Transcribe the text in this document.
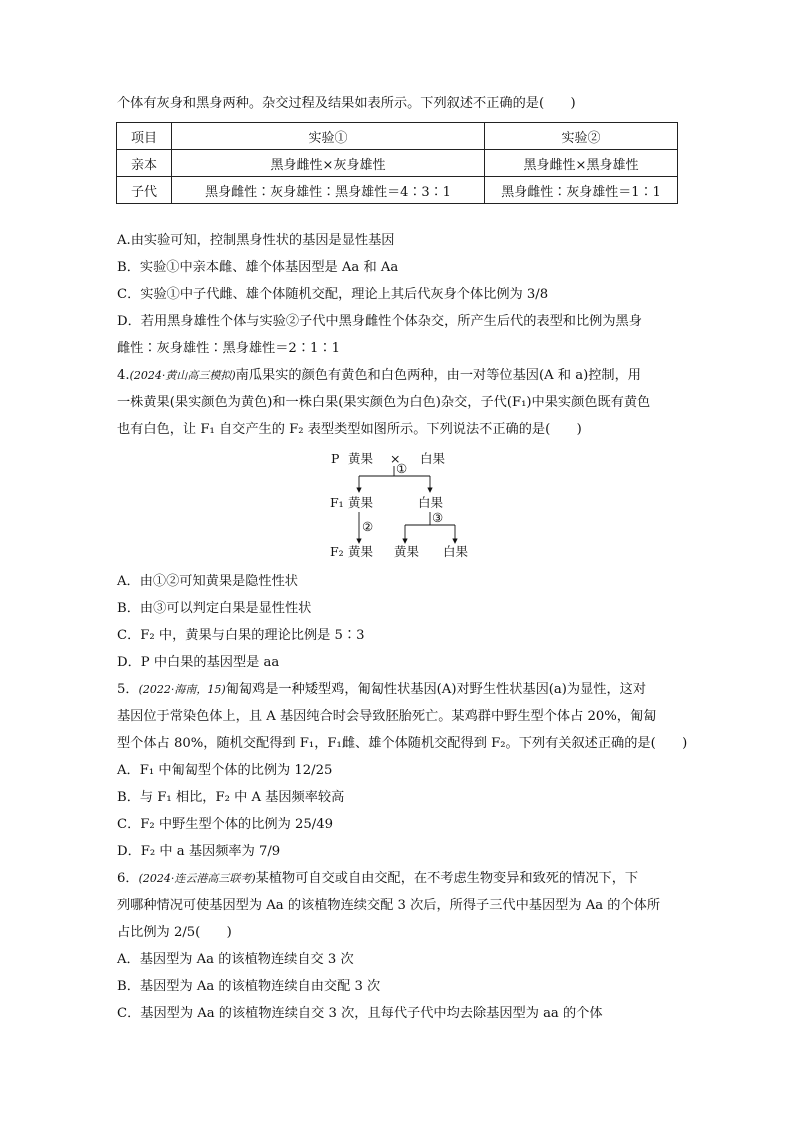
个体有灰身和黑身两种。杂交过程及结果如表所示。下列叙述不正确的是(　　)
项目	实验①	实验②
亲本	黑身雌性×灰身雄性	黑身雌性×黑身雄性
子代	黑身雌性∶灰身雄性∶黑身雄性＝4∶3∶1	黑身雌性∶灰身雄性＝1∶1
A.由实验可知，控制黑身性状的基因是显性基因
B．实验①中亲本雌、雄个体基因型是 Aa 和 Aa
C．实验①中子代雌、雄个体随机交配，理论上其后代灰身个体比例为 3/8
D．若用黑身雄性个体与实验②子代中黑身雌性个体杂交，所产生后代的表型和比例为黑身
雌性∶灰身雄性∶黑身雄性＝2∶1∶1
4.(2024·黄山高三模拟)南瓜果实的颜色有黄色和白色两种，由一对等位基因(A 和 a)控制，用
一株黄果(果实颜色为黄色)和一株白果(果实颜色为白色)杂交，子代(F₁)中果实颜色既有黄色
也有白色，让 F₁ 自交产生的 F₂ 表型类型如图所示。下列说法不正确的是(　　)
P 黄果 × 白果
①
F₁ 黄果	白果
②
③
F₂ 黄果 黄果 白果
A．由①②可知黄果是隐性性状
B．由③可以判定白果是显性性状
C．F₂ 中，黄果与白果的理论比例是 5∶3
D．P 中白果的基因型是 aa
5．(2022·海南，15)匍匐鸡是一种矮型鸡，匍匐性状基因(A)对野生性状基因(a)为显性，这对
基因位于常染色体上，且 A 基因纯合时会导致胚胎死亡。某鸡群中野生型个体占 20%，匍匐
型个体占 80%，随机交配得到 F₁，F₁雌、雄个体随机交配得到 F₂。下列有关叙述正确的是(　　)
A．F₁ 中匍匐型个体的比例为 12/25
B．与 F₁ 相比，F₂ 中 A 基因频率较高
C．F₂ 中野生型个体的比例为 25/49
D．F₂ 中 a 基因频率为 7/9
6．(2024·连云港高三联考)某植物可自交或自由交配，在不考虑生物变异和致死的情况下，下
列哪种情况可使基因型为 Aa 的该植物连续交配 3 次后，所得子三代中基因型为 Aa 的个体所
占比例为 2/5(　　)
A．基因型为 Aa 的该植物连续自交 3 次
B．基因型为 Aa 的该植物连续自由交配 3 次
C．基因型为 Aa 的该植物连续自交 3 次，且每代子代中均去除基因型为 aa 的个体
